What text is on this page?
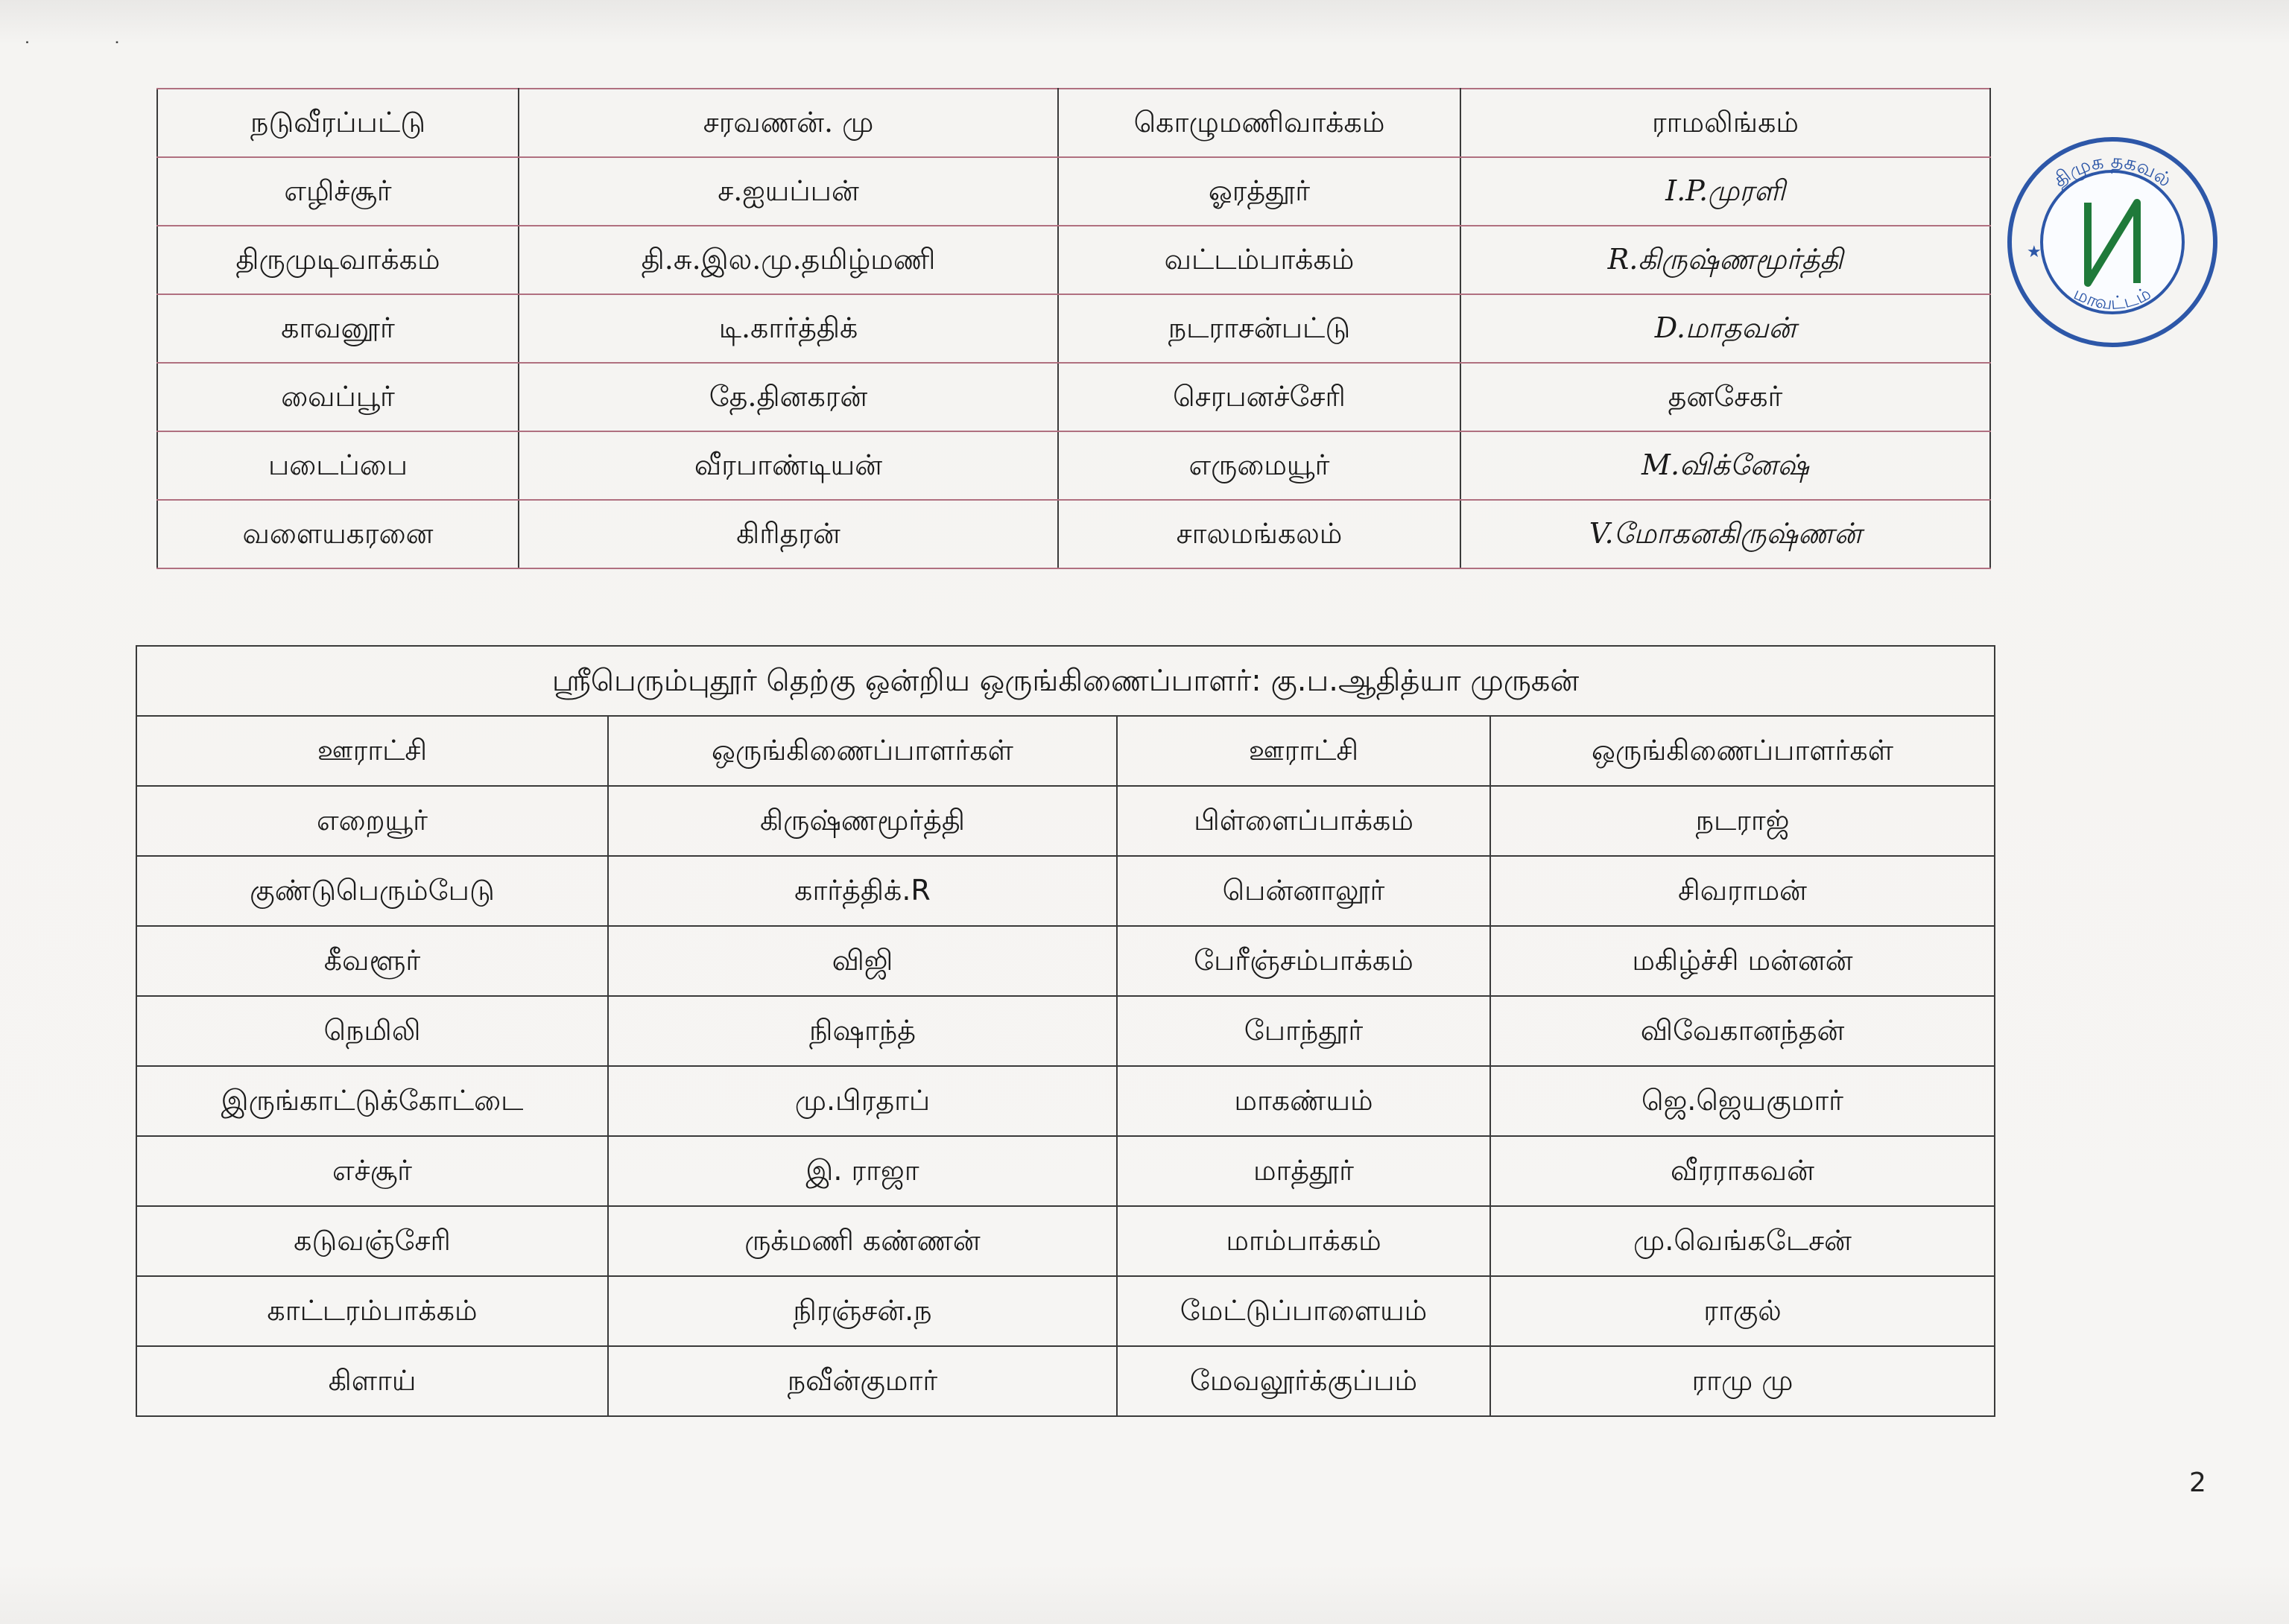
˙             ˙
நடுவீரப்பட்டு	சரவணன். மு	கொழுமணிவாக்கம்	ராமலிங்கம்
எழிச்சூர்	ச.ஐயப்பன்	ஓரத்தூர்	I.P.முரளி
திருமுடிவாக்கம்	தி.சு.இல.மு.தமிழ்மணி	வட்டம்பாக்கம்	R.கிருஷ்ணமூர்த்தி
காவனூர்	டி.கார்த்திக்	நடராசன்பட்டு	D.மாதவன்
வைப்பூர்	தே.தினகரன்	செரபனச்சேரி	தனசேகர்
படைப்பை	வீரபாண்டியன்	எருமையூர்	M.விக்னேஷ்
வளையகரனை	கிரிதரன்	சாலமங்கலம்	V.மோகனகிருஷ்ணன்
திமுக தகவல்
மாவட்டம்
★
ஸ்ரீபெரும்புதூர் தெற்கு ஒன்றிய ஒருங்கிணைப்பாளர்: கு.ப.ஆதித்யா முருகன்			
ஊராட்சி	ஒருங்கிணைப்பாளர்கள்	ஊராட்சி	ஒருங்கிணைப்பாளர்கள்
எறையூர்	கிருஷ்ணமூர்த்தி	பிள்ளைப்பாக்கம்	நடராஜ்
குண்டுபெரும்பேடு	கார்த்திக்.R	பென்னாலூர்	சிவராமன்
கீவளூர்	விஜி	பேரீஞ்சம்பாக்கம்	மகிழ்ச்சி மன்னன்
நெமிலி	நிஷாந்த்	போந்தூர்	விவேகானந்தன்
இருங்காட்டுக்கோட்டை	மு.பிரதாப்	மாகண்யம்	ஜெ.ஜெயகுமார்
எச்சூர்	இ. ராஜா	மாத்தூர்	வீரராகவன்
கடுவஞ்சேரி	ருக்மணி கண்ணன்	மாம்பாக்கம்	மு.வெங்கடேசன்
காட்டரம்பாக்கம்	நிரஞ்சன்.ந	மேட்டுப்பாளையம்	ராகுல்
கிளாய்	நவீன்குமார்	மேவலூர்க்குப்பம்	ராமு மு
2
